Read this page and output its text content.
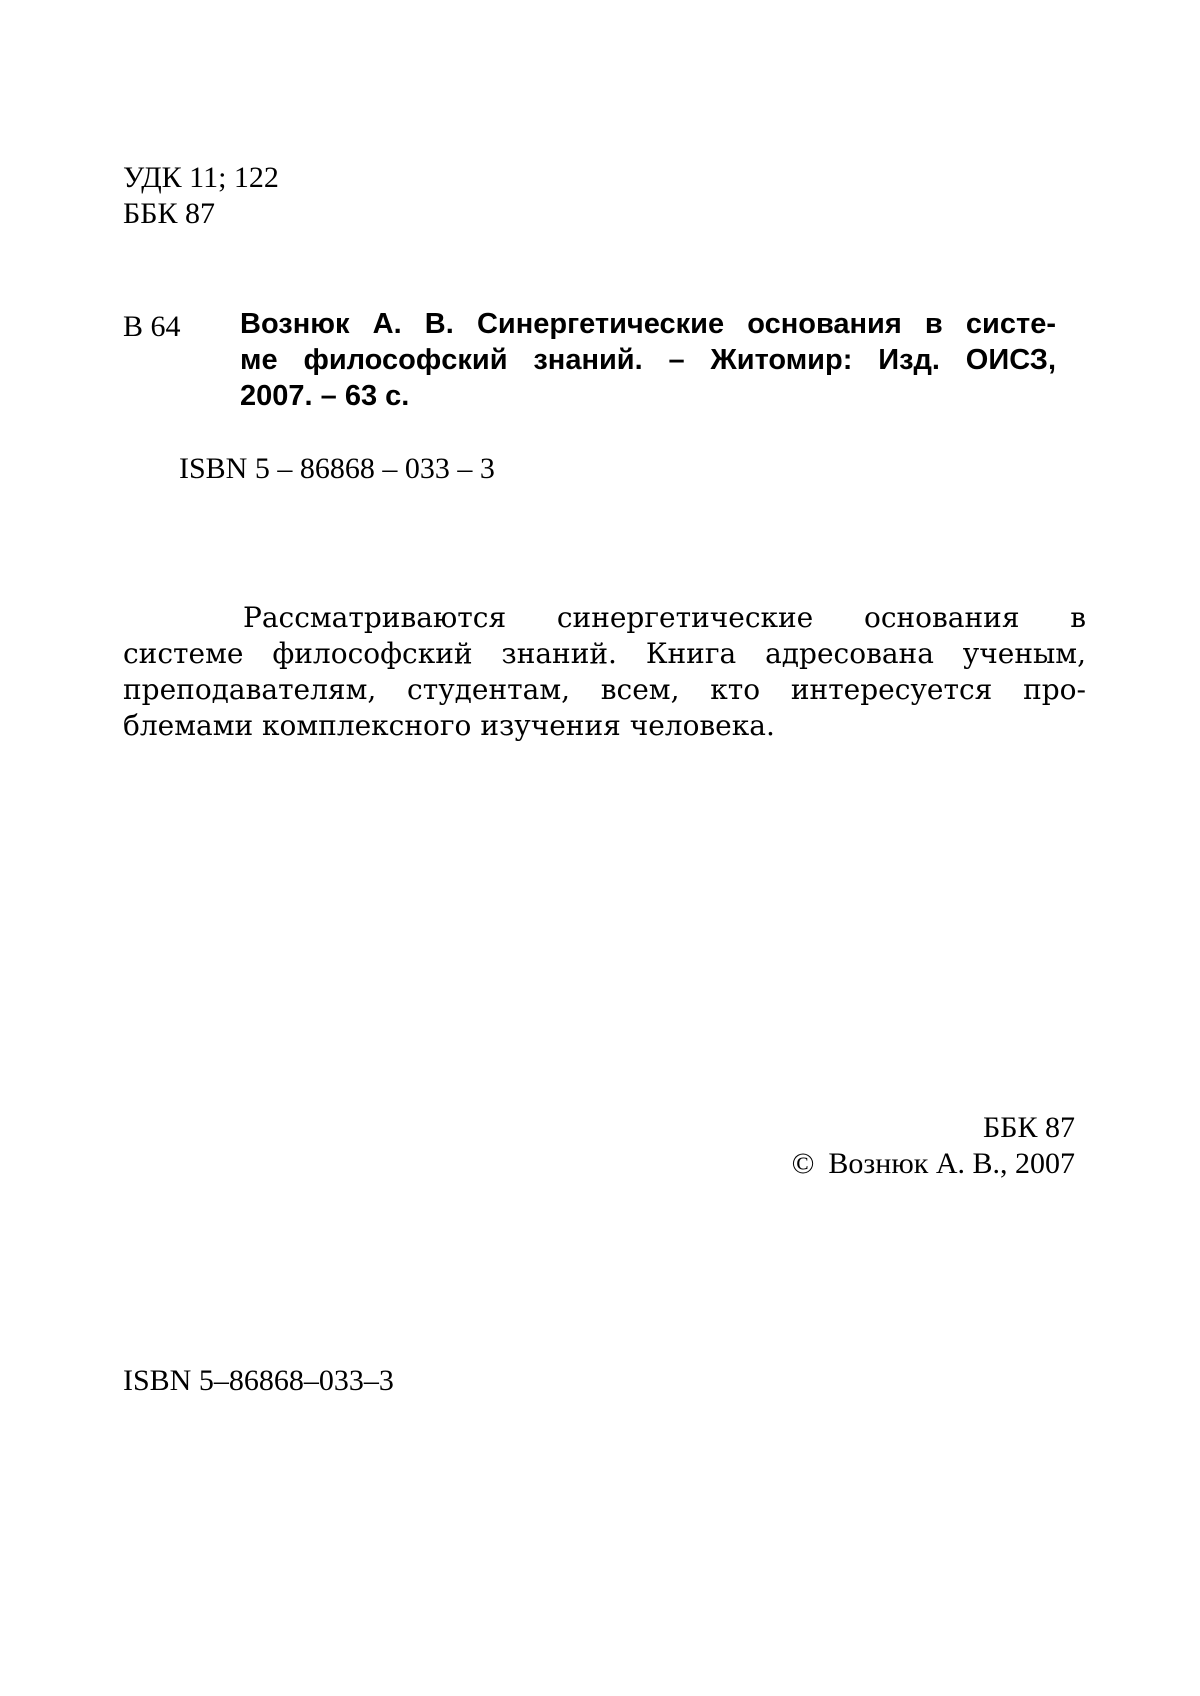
УДК 11; 122
ББК 87
В 64 Вознюк А. В. Синергетические основания в систе-
ме философский знаний. – Житомир: Изд. ОИСЗ,
2007. – 63 с.
ISBN 5 – 86868 – 033 – 3
Рассматриваются синергетические основания в
системе философский знаний. Книга адресована ученым,
преподавателям, студентам, всем, кто интересуется про-
блемами комплексного изучения человека.
ББК 87
© Вознюк А. В., 2007
ISBN 5–86868–033–3
